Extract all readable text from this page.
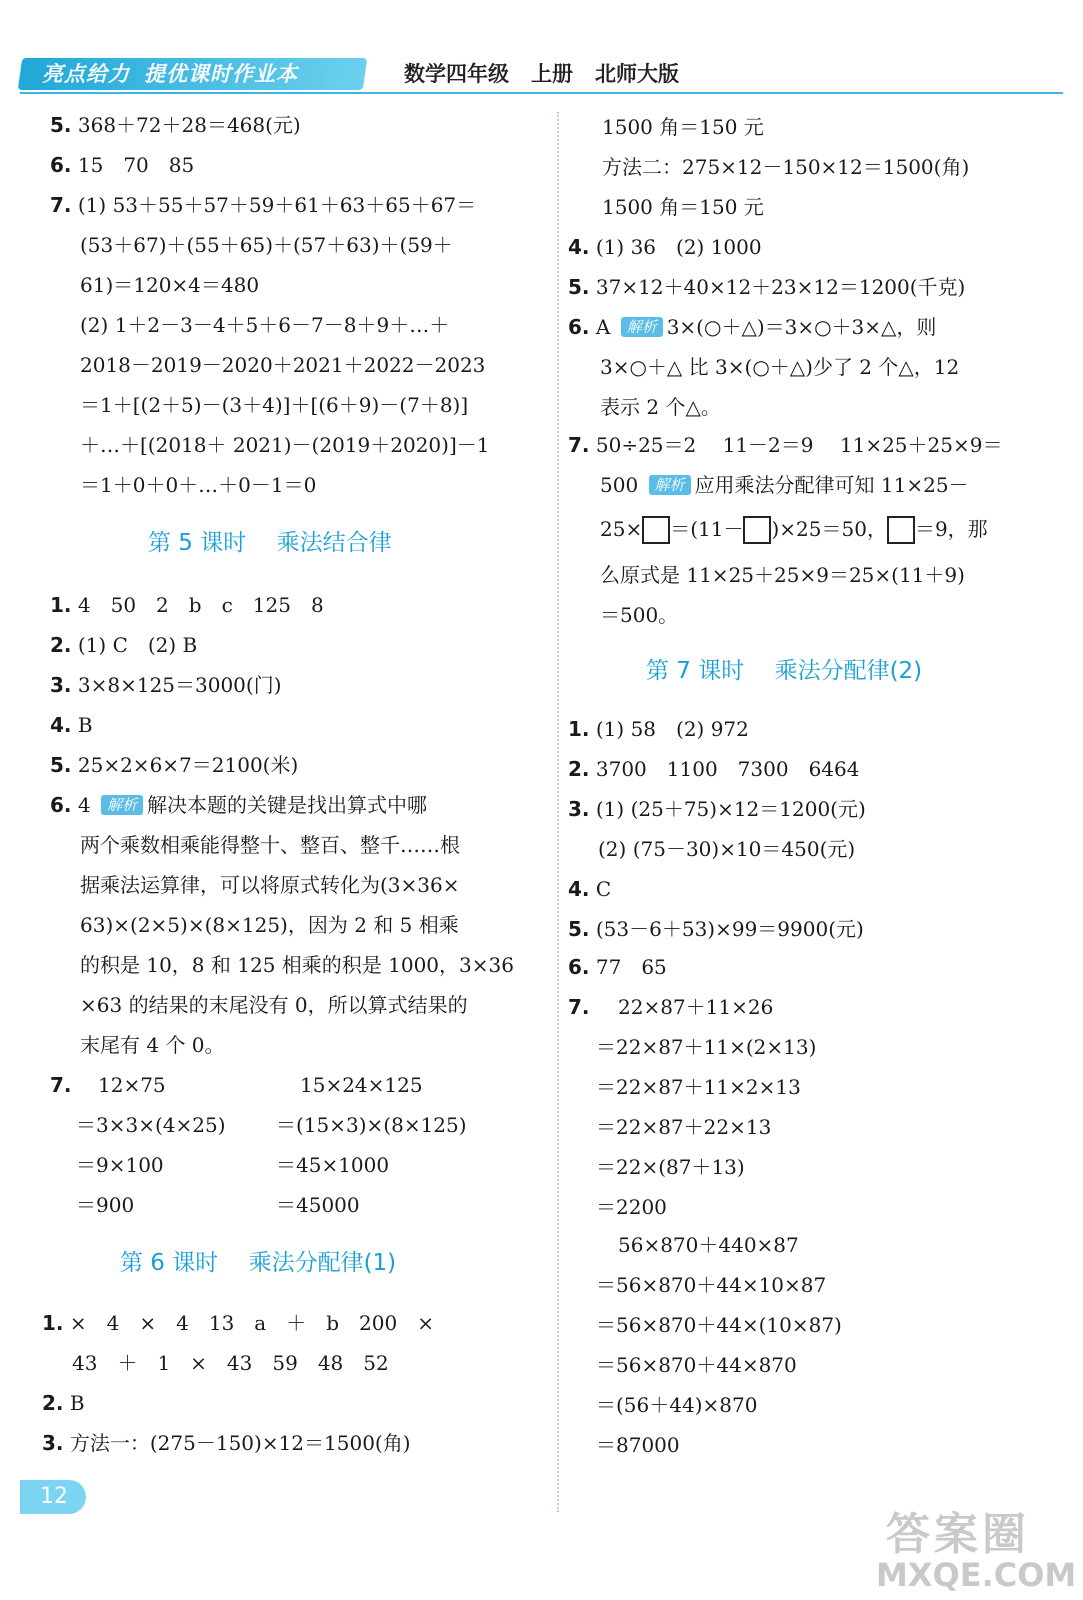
亮点给力 提优课时作业本	数学四年级 上册 北师大版
5. 368＋72＋28＝468(元)
6. 15　70　85
7. (1) 53＋55＋57＋59＋61＋63＋65＋67＝
(53＋67)＋(55＋65)＋(57＋63)＋(59＋
61)＝120×4＝480
(2) 1＋2－3－4＋5＋6－7－8＋9＋…＋
2018－2019－2020＋2021＋2022－2023
＝1＋[(2＋5)－(3＋4)]＋[(6＋9)－(7＋8)]
＋…＋[(2018＋ 2021)－(2019＋2020)]－1
＝1＋0＋0＋…＋0－1＝0
第 5 课时　 乘法结合律
1. 4　50　2　b　c　125　8
2. (1) C　(2) B
3. 3×8×125＝3000(门)
4. B
5. 25×2×6×7＝2100(米)
6. 4 解析 解决本题的关键是找出算式中哪
两个乘数相乘能得整十、整百、整千……根
据乘法运算律，可以将原式转化为(3×36×
63)×(2×5)×(8×125)，因为 2 和 5 相乘
的积是 10，8 和 125 相乘的积是 1000，3×36
×63 的结果的末尾没有 0，所以算式结果的
末尾有 4 个 0。
7. 12×75
＝3×3×(4×25)
＝9×100
＝900
15×24×125
＝(15×3)×(8×125)
＝45×1000
＝45000
第 6 课时　 乘法分配律(1)
1. ×　4　×　4　13　a　＋　b　200　×
43　＋　1　×　43　59　48　52
2. B
3. 方法一：(275－150)×12＝1500(角)
1500 角＝150 元
方法二：275×12－150×12＝1500(角)
1500 角＝150 元
4. (1) 36　(2) 1000
5. 37×12＋40×12＋23×12＝1200(千克)
6. A 解析 3×(○＋△)＝3×○＋3×△，则
3×○＋△ 比 3×(○＋△)少了 2 个△，12
表示 2 个△。
7. 50÷25＝2　 11－2＝9　 11×25＋25×9＝
500 解析 应用乘法分配律可知 11×25－
25× ＝(11－ )×25＝50， ＝9，那
么原式是 11×25＋25×9＝25×(11＋9)
＝500。
第 7 课时　 乘法分配律(2)
1. (1) 58　(2) 972
2. 3700　1100　7300　6464
3. (1) (25＋75)×12＝1200(元)
(2) (75－30)×10＝450(元)
4. C
5. (53－6＋53)×99＝9900(元)
6. 77　65
7. 22×87＋11×26
＝22×87＋11×(2×13)
＝22×87＋11×2×13
＝22×87＋22×13
＝22×(87＋13)
＝2200
56×870＋440×87
＝56×870＋44×10×87
＝56×870＋44×(10×87)
＝56×870＋44×870
＝(56＋44)×870
＝87000
12
答案圈
MXQE.COM
